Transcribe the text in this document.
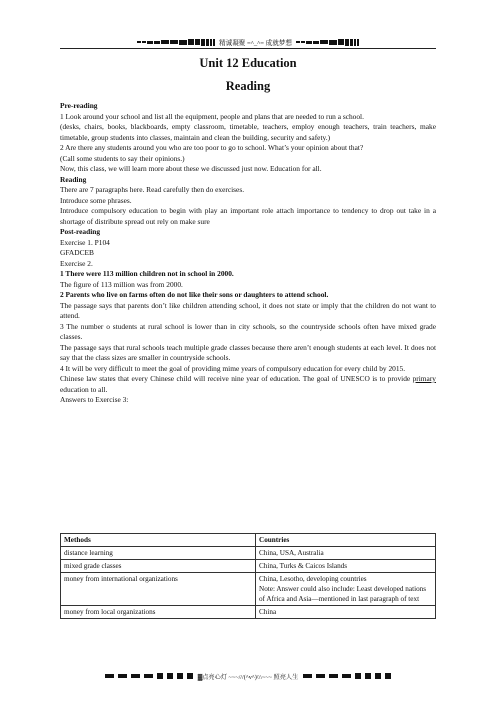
精诚凝聚 =^_^= 成就梦想
Unit 12 Education
Reading

Pre-reading

1 Look around your school and list all the equipment, people and plans that are needed to run a school.

(desks, chairs, books, blackboards, empty classroom, timetable, teachers, employ enough teachers, train teachers, make timetable, group students into classes, maintain and clean the building, security and safety.)

2 Are there any students around you who are too poor to go to school. What’s your opinion about that?

(Call some students to say their opinions.)

Now, this class, we will learn more about these we discussed just now. Education for all.

Reading

There are 7 paragraphs here. Read carefully then do exercises.

Introduce some phrases.

Introduce compulsory education to begin with play an important role attach importance to tendency to drop out take in a shortage of distribute spread out rely on make sure

Post-reading

Exercise 1. P104

GFADCEB

Exercise 2.

1 There were 113 million children not in school in 2000.

The figure of 113 million was from 2000.

2 Parents who live on farms often do not like their sons or daughters to attend school.

The passage says that parents don’t like children attending school, it does not state or imply that the children do not want to attend.

3 The number o students at rural school is lower than in city schools, so the countryside schools often have mixed grade classes.

The passage says that rural schools teach multiple grade classes because there aren’t enough students at each level. It does not say that the class sizes are smaller in countryside schools.

4 It will be very difficult to meet the goal of providing mime years of compulsory education for every child by 2015.

Chinese law states that every Chinese child will receive nine year of education. The goal of UNESCO is to provide primary education to all.

Answers to Exercise 3:

Methods	Countries
distance learning	China, USA, Australia
mixed grade classes	China, Turks & Caicos Islands
money from international organizations	China, Lesotho, developing countries
Note: Answer could also include: Least developed nations of Africa and Asia—mentioned in last paragraph of text

money from local organizations	China
▓点亮心灯 ~~~///(^v^)\\\~~~ 照亮人生
